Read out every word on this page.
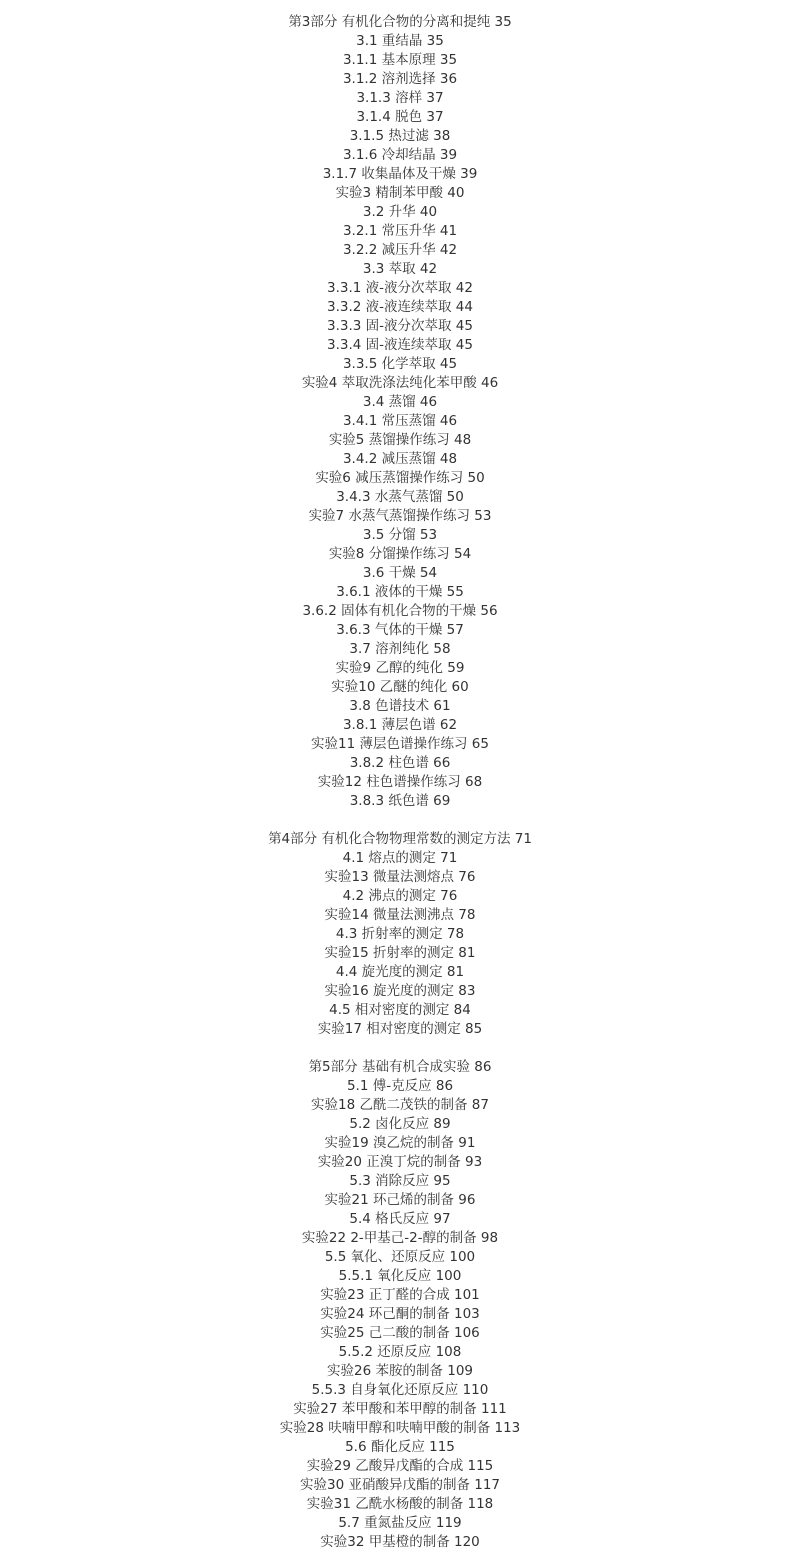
第3部分 有机化合物的分离和提纯 35
3.1 重结晶 35
3.1.1 基本原理 35
3.1.2 溶剂选择 36
3.1.3 溶样 37
3.1.4 脱色 37
3.1.5 热过滤 38
3.1.6 冷却结晶 39
3.1.7 收集晶体及干燥 39
实验3 精制苯甲酸 40
3.2 升华 40
3.2.1 常压升华 41
3.2.2 减压升华 42
3.3 萃取 42
3.3.1 液-液分次萃取 42
3.3.2 液-液连续萃取 44
3.3.3 固-液分次萃取 45
3.3.4 固-液连续萃取 45
3.3.5 化学萃取 45
实验4 萃取洗涤法纯化苯甲酸 46
3.4 蒸馏 46
3.4.1 常压蒸馏 46
实验5 蒸馏操作练习 48
3.4.2 减压蒸馏 48
实验6 减压蒸馏操作练习 50
3.4.3 水蒸气蒸馏 50
实验7 水蒸气蒸馏操作练习 53
3.5 分馏 53
实验8 分馏操作练习 54
3.6 干燥 54
3.6.1 液体的干燥 55
3.6.2 固体有机化合物的干燥 56
3.6.3 气体的干燥 57
3.7 溶剂纯化 58
实验9 乙醇的纯化 59
实验10 乙醚的纯化 60
3.8 色谱技术 61
3.8.1 薄层色谱 62
实验11 薄层色谱操作练习 65
3.8.2 柱色谱 66
实验12 柱色谱操作练习 68
3.8.3 纸色谱 69
第4部分 有机化合物物理常数的测定方法 71
4.1 熔点的测定 71
实验13 微量法测熔点 76
4.2 沸点的测定 76
实验14 微量法测沸点 78
4.3 折射率的测定 78
实验15 折射率的测定 81
4.4 旋光度的测定 81
实验16 旋光度的测定 83
4.5 相对密度的测定 84
实验17 相对密度的测定 85
第5部分 基础有机合成实验 86
5.1 傅-克反应 86
实验18 乙酰二茂铁的制备 87
5.2 卤化反应 89
实验19 溴乙烷的制备 91
实验20 正溴丁烷的制备 93
5.3 消除反应 95
实验21 环己烯的制备 96
5.4 格氏反应 97
实验22 2-甲基己-2-醇的制备 98
5.5 氧化、还原反应 100
5.5.1 氧化反应 100
实验23 正丁醛的合成 101
实验24 环己酮的制备 103
实验25 己二酸的制备 106
5.5.2 还原反应 108
实验26 苯胺的制备 109
5.5.3 自身氧化还原反应 110
实验27 苯甲酸和苯甲醇的制备 111
实验28 呋喃甲醇和呋喃甲酸的制备 113
5.6 酯化反应 115
实验29 乙酸异戊酯的合成 115
实验30 亚硝酸异戊酯的制备 117
实验31 乙酰水杨酸的制备 118
5.7 重氮盐反应 119
实验32 甲基橙的制备 120
